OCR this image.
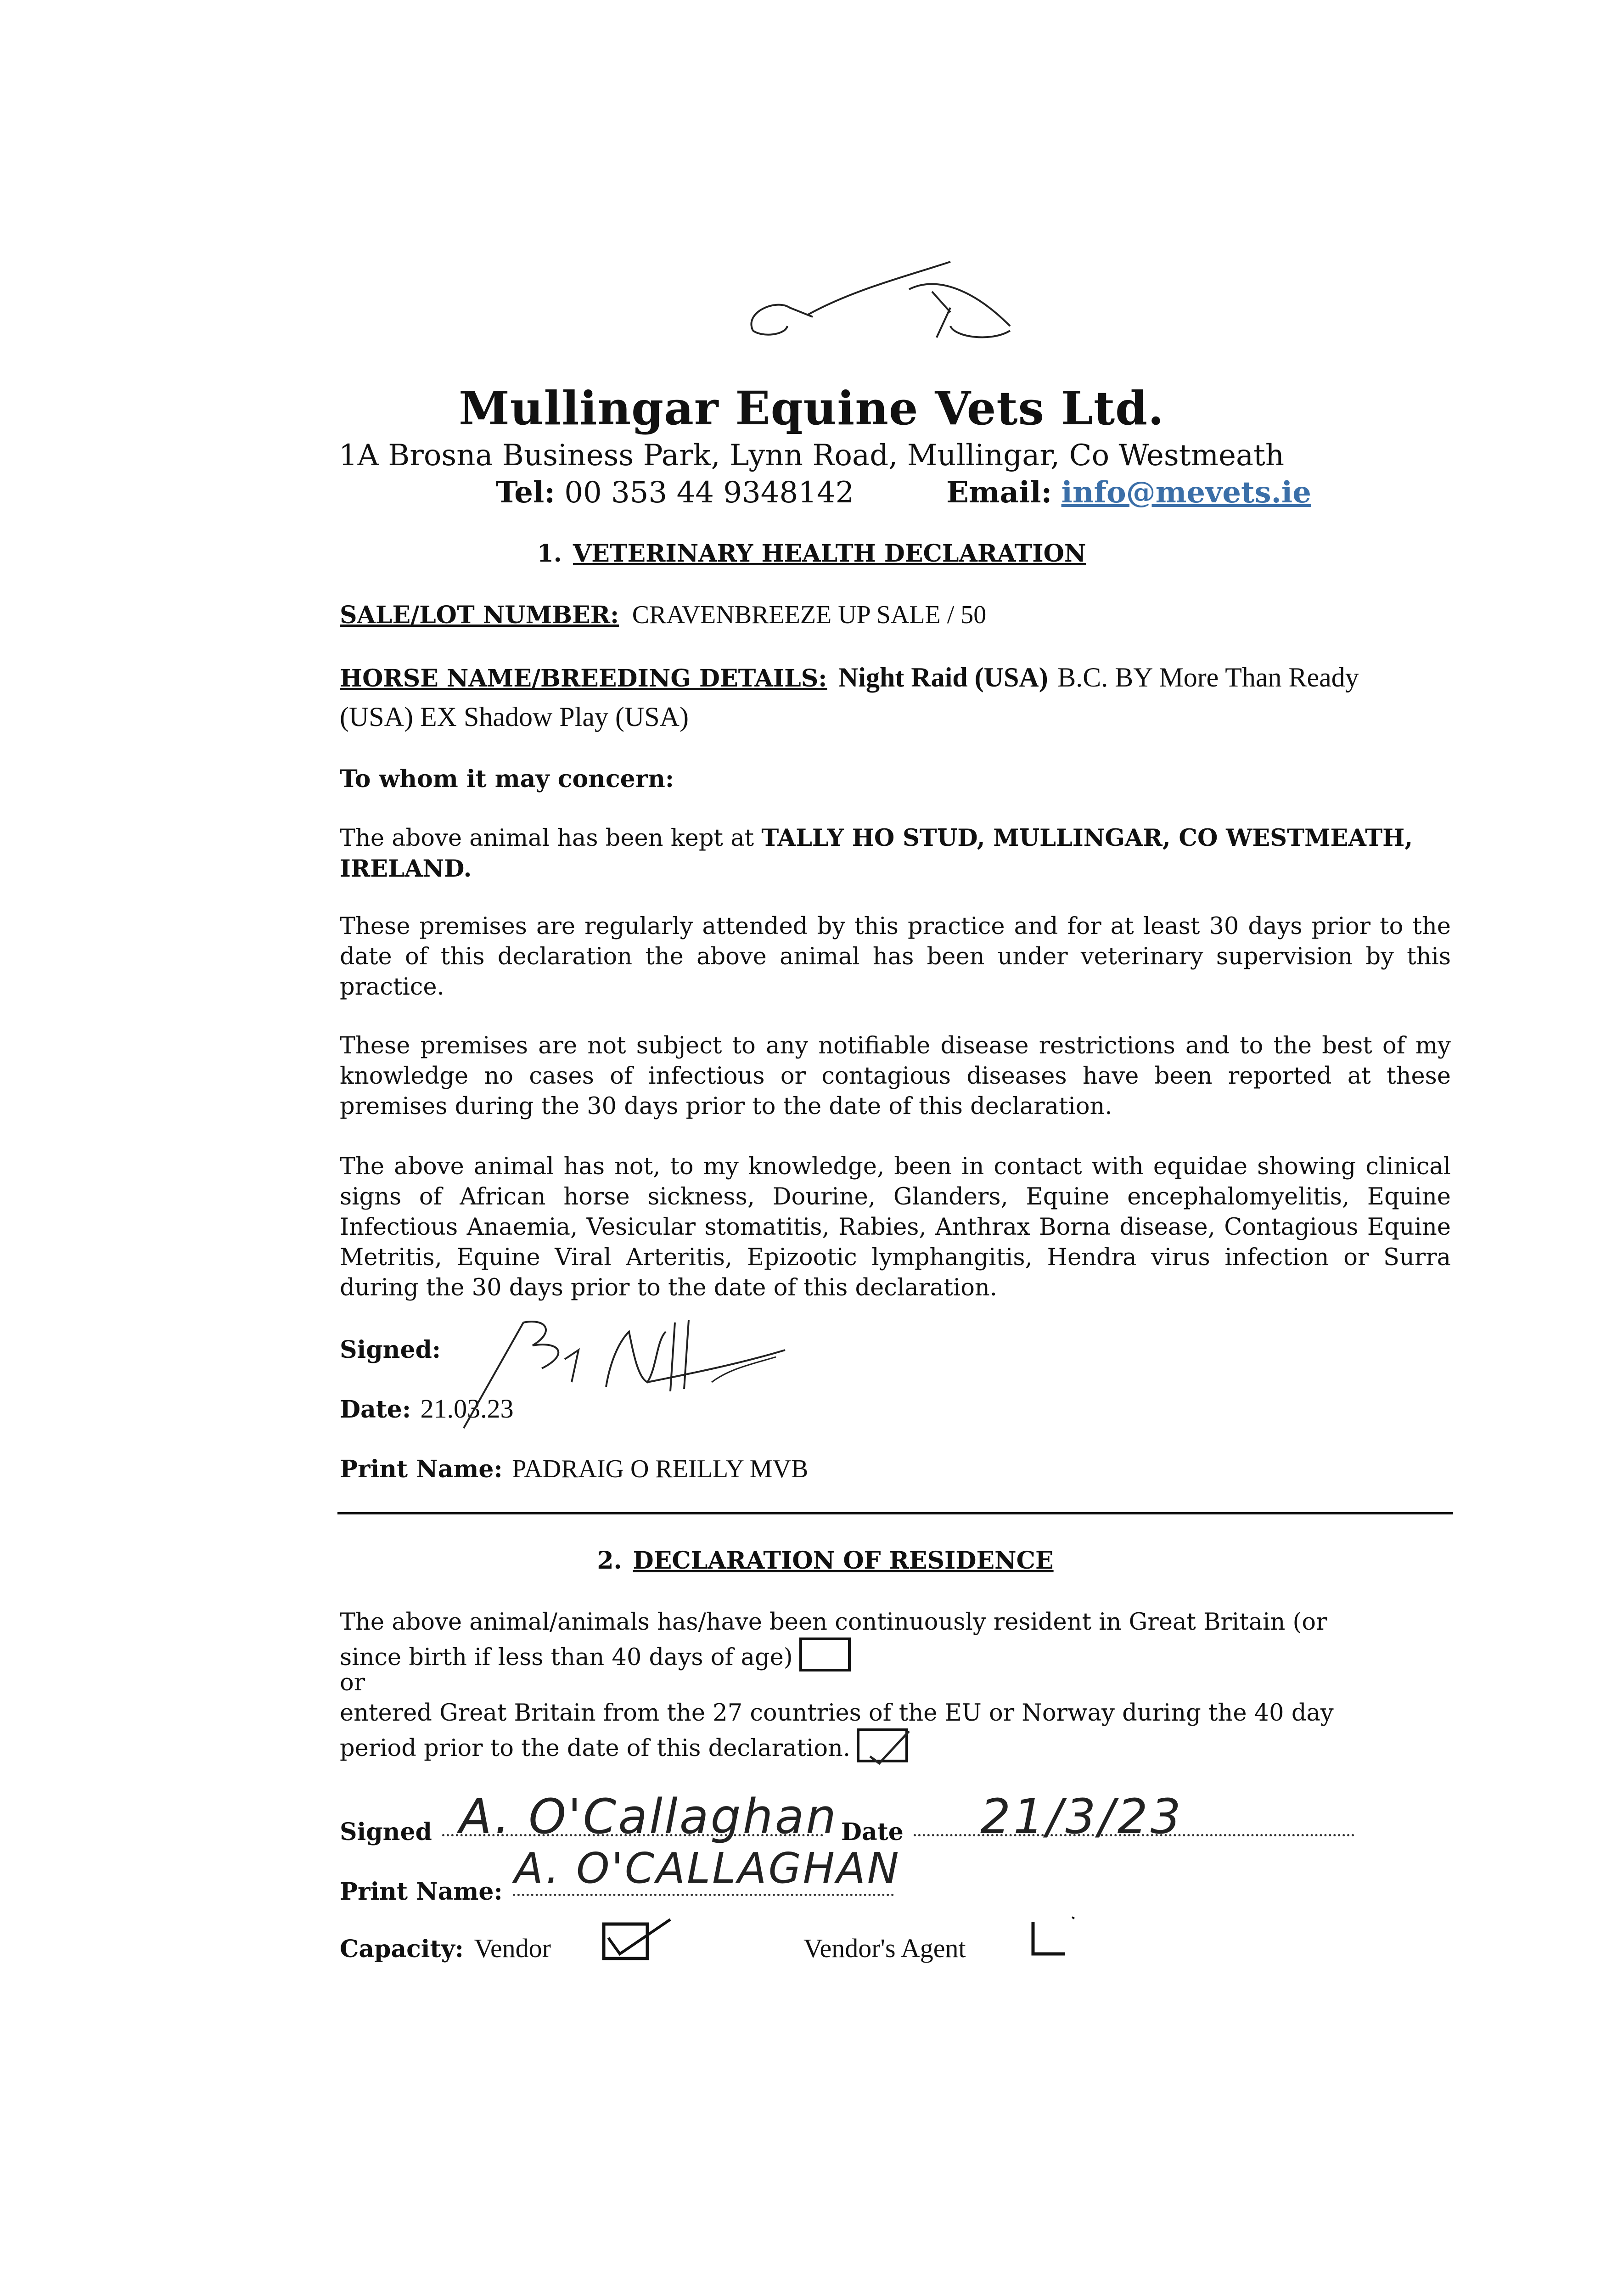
Mullingar Equine Vets Ltd.
1A Brosna Business Park, Lynn Road, Mullingar, Co Westmeath
Tel: 00 353 44 9348142	Email: info@mevets.ie
1. VETERINARY HEALTH DECLARATION
SALE/LOT NUMBER: CRAVENBREEZE UP SALE / 50
HORSE NAME/BREEDING DETAILS: Night Raid (USA) B.C. BY More Than Ready
(USA) EX Shadow Play (USA)
To whom it may concern:
The above animal has been kept at TALLY HO STUD, MULLINGAR, CO WESTMEATH,
IRELAND.
These premises are regularly attended by this practice and for at least 30 days prior to the date of this declaration the above animal has been under veterinary supervision by this practice.
These premises are not subject to any notifiable disease restrictions and to the best of my knowledge no cases of infectious or contagious diseases have been reported at these premises during the 30 days prior to the date of this declaration.
The above animal has not, to my knowledge, been in contact with equidae showing clinical signs of African horse sickness, Dourine, Glanders, Equine encephalomyelitis, Equine Infectious Anaemia, Vesicular stomatitis, Rabies, Anthrax Borna disease, Contagious Equine Metritis, Equine Viral Arteritis, Epizootic lymphangitis, Hendra virus infection or Surra during the 30 days prior to the date of this declaration.
Signed:
Date: 21.03.23
Print Name: PADRAIG O REILLY MVB
2. DECLARATION OF RESIDENCE
The above animal/animals has/have been continuously resident in Great Britain (or
since birth if less than 40 days of age)
or
entered Great Britain from the 27 countries of the EU or Norway during the 40 day
period prior to the date of this declaration.
Signed	Date
A. O'Callaghan	21/3/23
Print Name: A. O'CALLAGHAN
Capacity: Vendor	Vendor's Agent
